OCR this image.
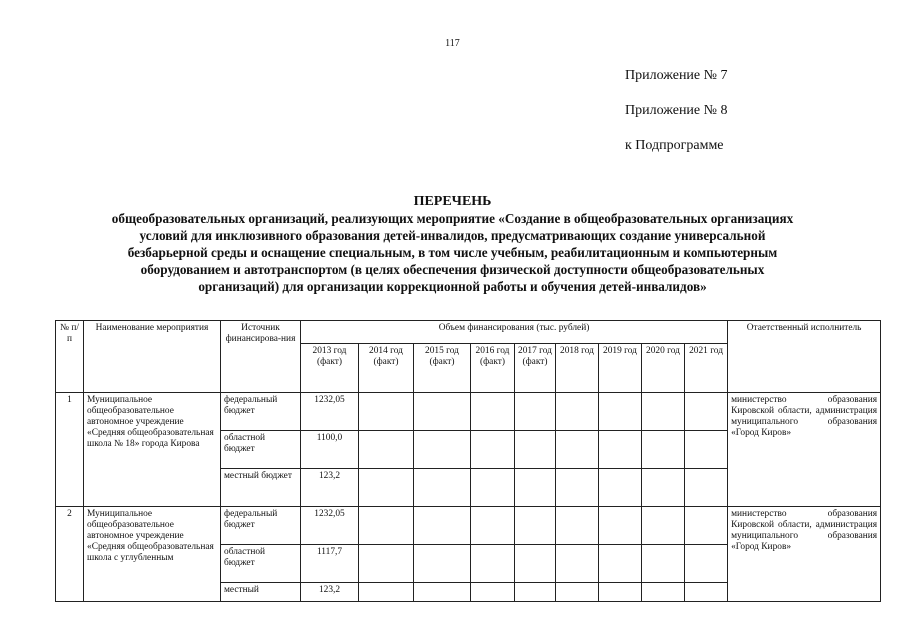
117
Приложение № 7
Приложение № 8
к Подпрограмме
ПЕРЕЧЕНЬ
общеобразовательных организаций, реализующих мероприятие «Создание в общеобразовательных организациях
условий для инклюзивного образования детей-инвалидов, предусматривающих создание универсальной
безбарьерной среды и оснащение специальным, в том числе учебным, реабилитационным и компьютерным
оборудованием и автотранспортом (в целях обеспечения физической доступности общеобразовательных
организаций) для организации коррекционной работы и обучения детей-инвалидов»
№ п/п	Наименование мероприятия	Источник финансирова-ния	Объем финансирования (тыс. рублей)									Отаетственный исполнитель
			2013 год (факт)	2014 год (факт)	2015 год (факт)	2016 год (факт)	2017 год (факт)	2018 год	2019 год	2020 год	2021 год	
1	Муниципальное общеобразовательное автономное учреждение «Средняя общеобразовательная школа № 18» города Кирова	федеральный бюджет	1232,05									министерство образования Кировской области, администрация муниципального образования «Город Киров»
		областной бюджет	1100,0									
		местный бюджет	123,2									
2	Муниципальное общеобразовательное автономное учреждение «Средняя общеобразовательная школа с углубленным	федеральный бюджет	1232,05									министерство образования Кировской области, администрация муниципального образования «Город Киров»
		областной бюджет	1117,7									
		местный	123,2									
